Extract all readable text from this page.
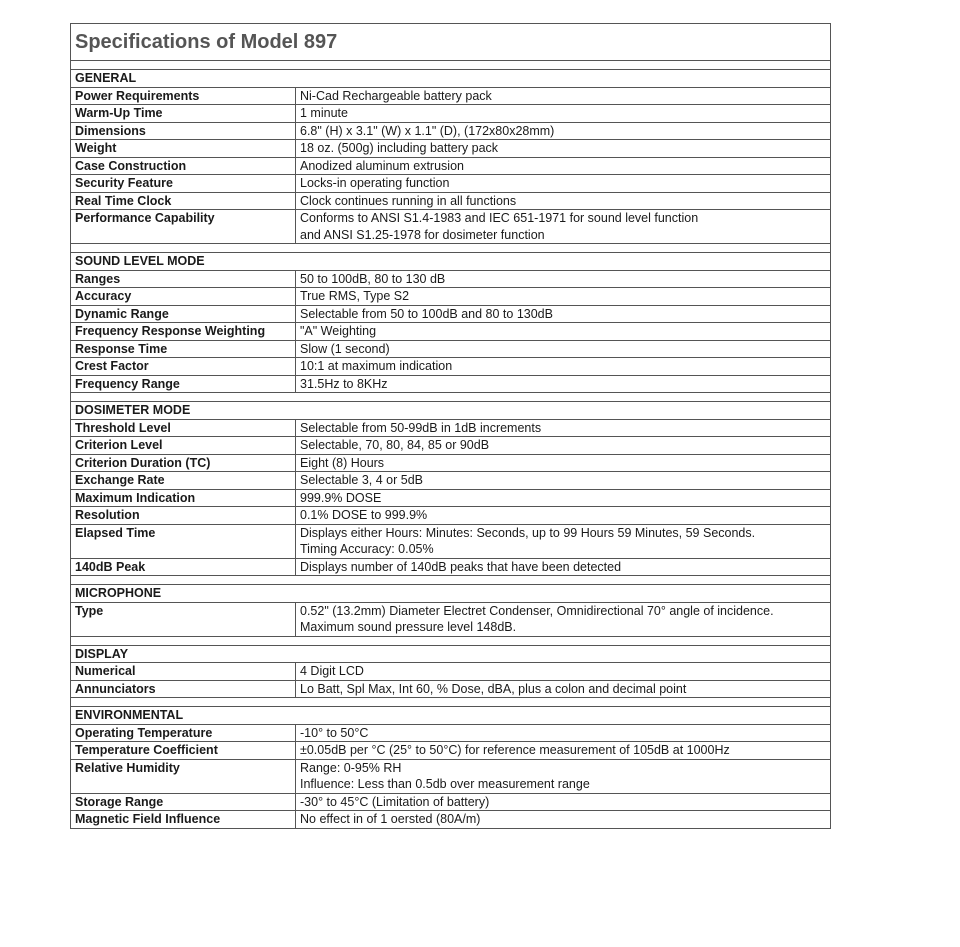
Specifications of Model 897	

GENERAL	
Power Requirements	Ni-Cad Rechargeable battery pack

Warm-Up Time	1 minute

Dimensions	6.8" (H) x 3.1" (W) x 1.1" (D), (172x80x28mm)

Weight	18 oz. (500g) including battery pack

Case Construction	Anodized aluminum extrusion

Security Feature	Locks-in operating function

Real Time Clock	Clock continues running in all functions

Performance Capability	Conforms to ANSI S1.4-1983 and IEC 651-1971 for sound level function
and ANSI S1.25-1978 for dosimeter function

SOUND LEVEL MODE	
Ranges	50 to 100dB, 80 to 130 dB

Accuracy	True RMS, Type S2

Dynamic Range	Selectable from 50 to 100dB and 80 to 130dB

Frequency Response Weighting	"A" Weighting

Response Time	Slow (1 second)

Crest Factor	10:1 at maximum indication

Frequency Range	31.5Hz to 8KHz

DOSIMETER MODE	
Threshold Level	Selectable from 50-99dB in 1dB increments

Criterion Level	Selectable, 70, 80, 84, 85 or 90dB

Criterion Duration (TC)	Eight (8) Hours

Exchange Rate	Selectable 3, 4 or 5dB

Maximum Indication	999.9% DOSE

Resolution	0.1% DOSE to 999.9%

Elapsed Time	Displays either Hours: Minutes: Seconds, up to 99 Hours 59 Minutes, 59 Seconds.
Timing Accuracy: 0.05%

140dB Peak	Displays number of 140dB peaks that have been detected

MICROPHONE	
Type	0.52" (13.2mm) Diameter Electret Condenser, Omnidirectional 70° angle of incidence.
Maximum sound pressure level 148dB.

DISPLAY	
Numerical	4 Digit LCD

Annunciators	Lo Batt, Spl Max, Int 60, % Dose, dBA, plus a colon and decimal point

ENVIRONMENTAL	
Operating Temperature	-10° to 50°C

Temperature Coefficient	±0.05dB per °C (25° to 50°C) for reference measurement of 105dB at 1000Hz

Relative Humidity	Range: 0-95% RH
Influence: Less than 0.5db over measurement range

Storage Range	-30° to 45°C (Limitation of battery)

Magnetic Field Influence	No effect in of 1 oersted (80A/m)
